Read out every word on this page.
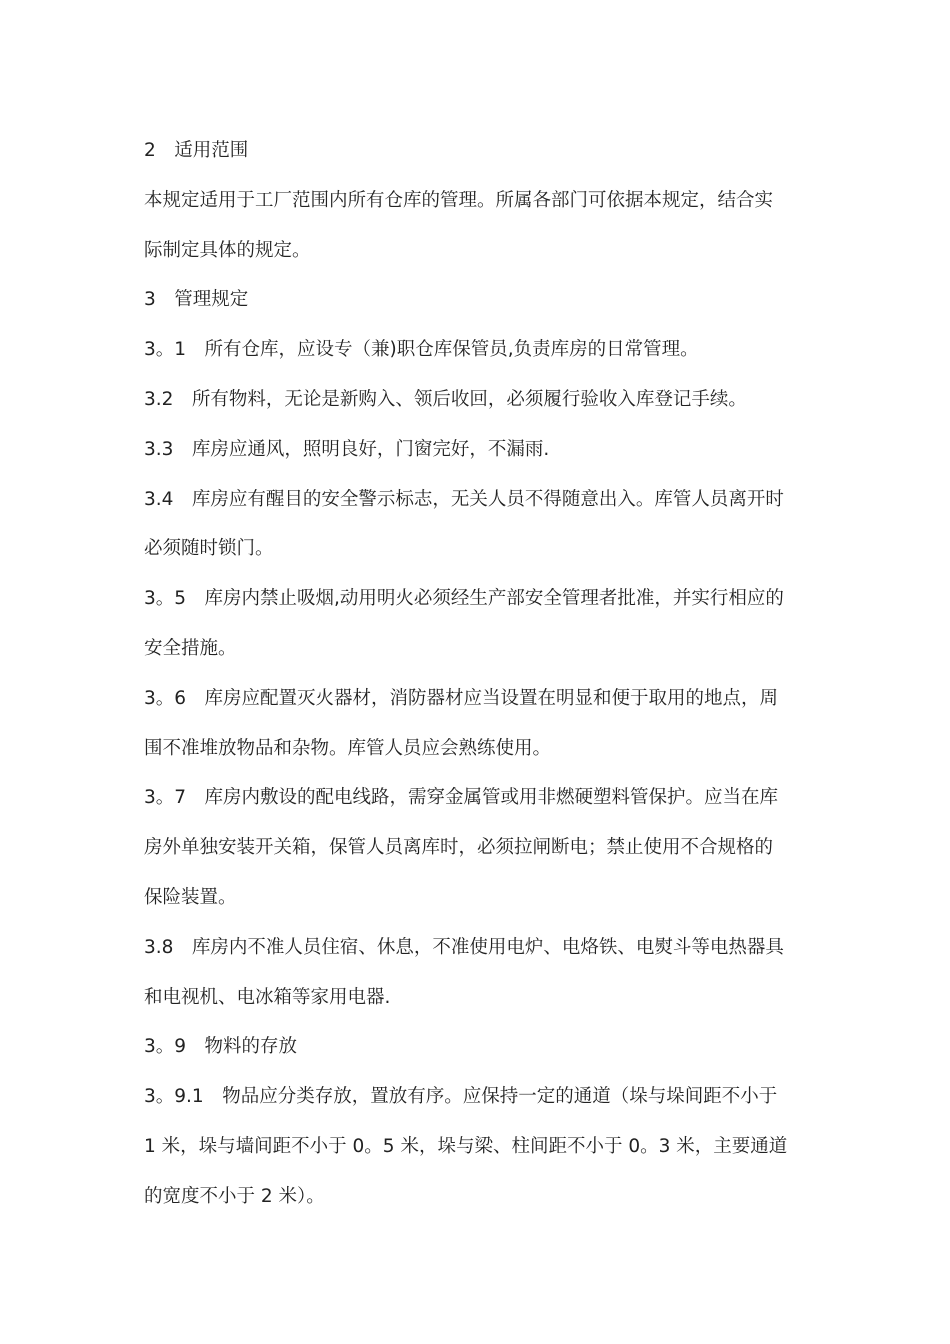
2　适用范围
本规定适用于工厂范围内所有仓库的管理。所属各部门可依据本规定，结合实
际制定具体的规定。
3　管理规定
3。1　所有仓库，应设专（兼)职仓库保管员,负责库房的日常管理。
3.2　所有物料，无论是新购入、领后收回，必须履行验收入库登记手续。
3.3　库房应通风，照明良好，门窗完好，不漏雨.
3.4　库房应有醒目的安全警示标志，无关人员不得随意出入。库管人员离开时
必须随时锁门。
3。5　库房内禁止吸烟,动用明火必须经生产部安全管理者批准，并实行相应的
安全措施。
3。6　库房应配置灭火器材，消防器材应当设置在明显和便于取用的地点，周
围不准堆放物品和杂物。库管人员应会熟练使用。
3。7　库房内敷设的配电线路，需穿金属管或用非燃硬塑料管保护。应当在库
房外单独安装开关箱，保管人员离库时，必须拉闸断电；禁止使用不合规格的
保险装置。
3.8　库房内不准人员住宿、休息，不准使用电炉、电烙铁、电熨斗等电热器具
和电视机、电冰箱等家用电器.
3。9　物料的存放
3。9.1　物品应分类存放，置放有序。应保持一定的通道（垛与垛间距不小于
1 米，垛与墙间距不小于 0。5 米，垛与梁、柱间距不小于 0。3 米，主要通道
的宽度不小于 2 米）。
